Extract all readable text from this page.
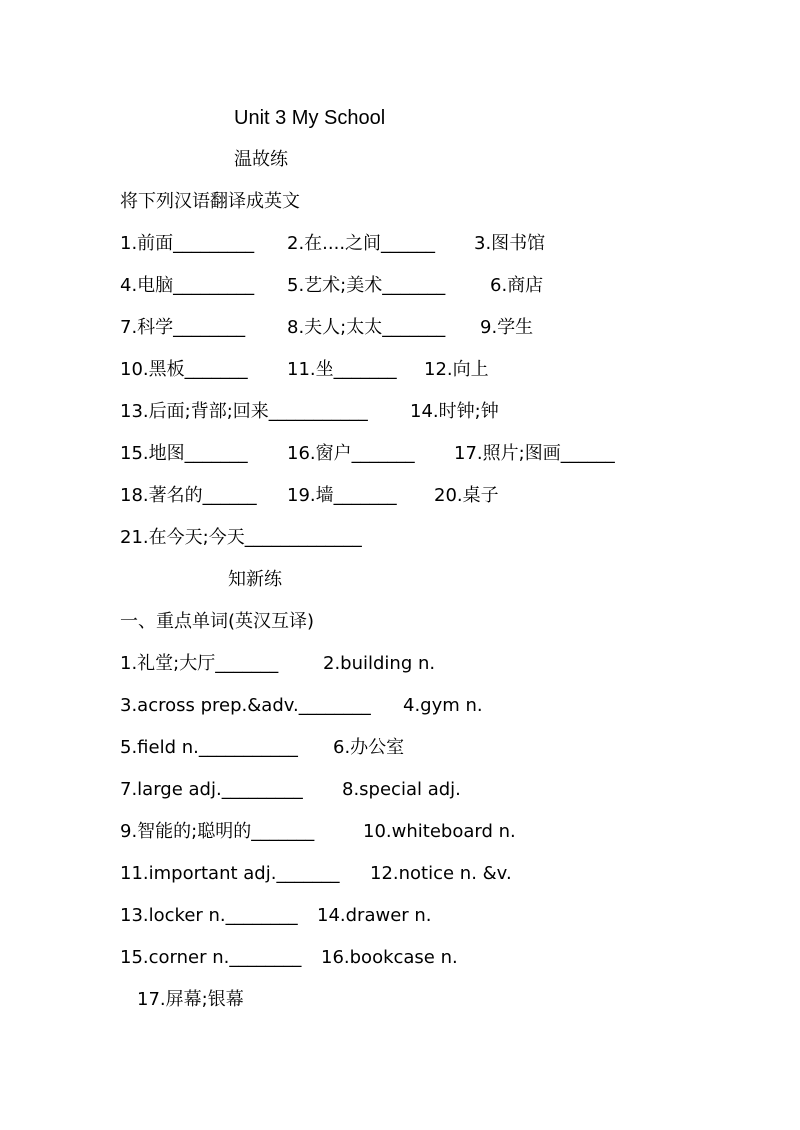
Unit 3 My School
温故练
将下列汉语翻译成英文
1.前面_________ 2.在....之间______ 3.图书馆
4.电脑_________ 5.艺术;美术_______ 6.商店
7.科学________ 8.夫人;太太_______ 9.学生
10.黑板_______ 11.坐_______ 12.向上
13.后面;背部;回来___________ 14.时钟;钟
15.地图_______ 16.窗户_______ 17.照片;图画______
18.著名的______ 19.墙_______ 20.桌子
21.在今天;今天_____________
知新练
一、重点单词(英汉互译)
1.礼堂;大厅_______ 2.building n.
3.across prep.&adv.________ 4.gym n.
5.field n.___________ 6.办公室
7.large adj._________ 8.special adj.
9.智能的;聪明的_______	10.whiteboard n.
11.important adj._______ 12.notice n. &v.
13.locker n.________ 14.drawer n.
15.corner n.________ 16.bookcase n.
17.屏幕;银幕
